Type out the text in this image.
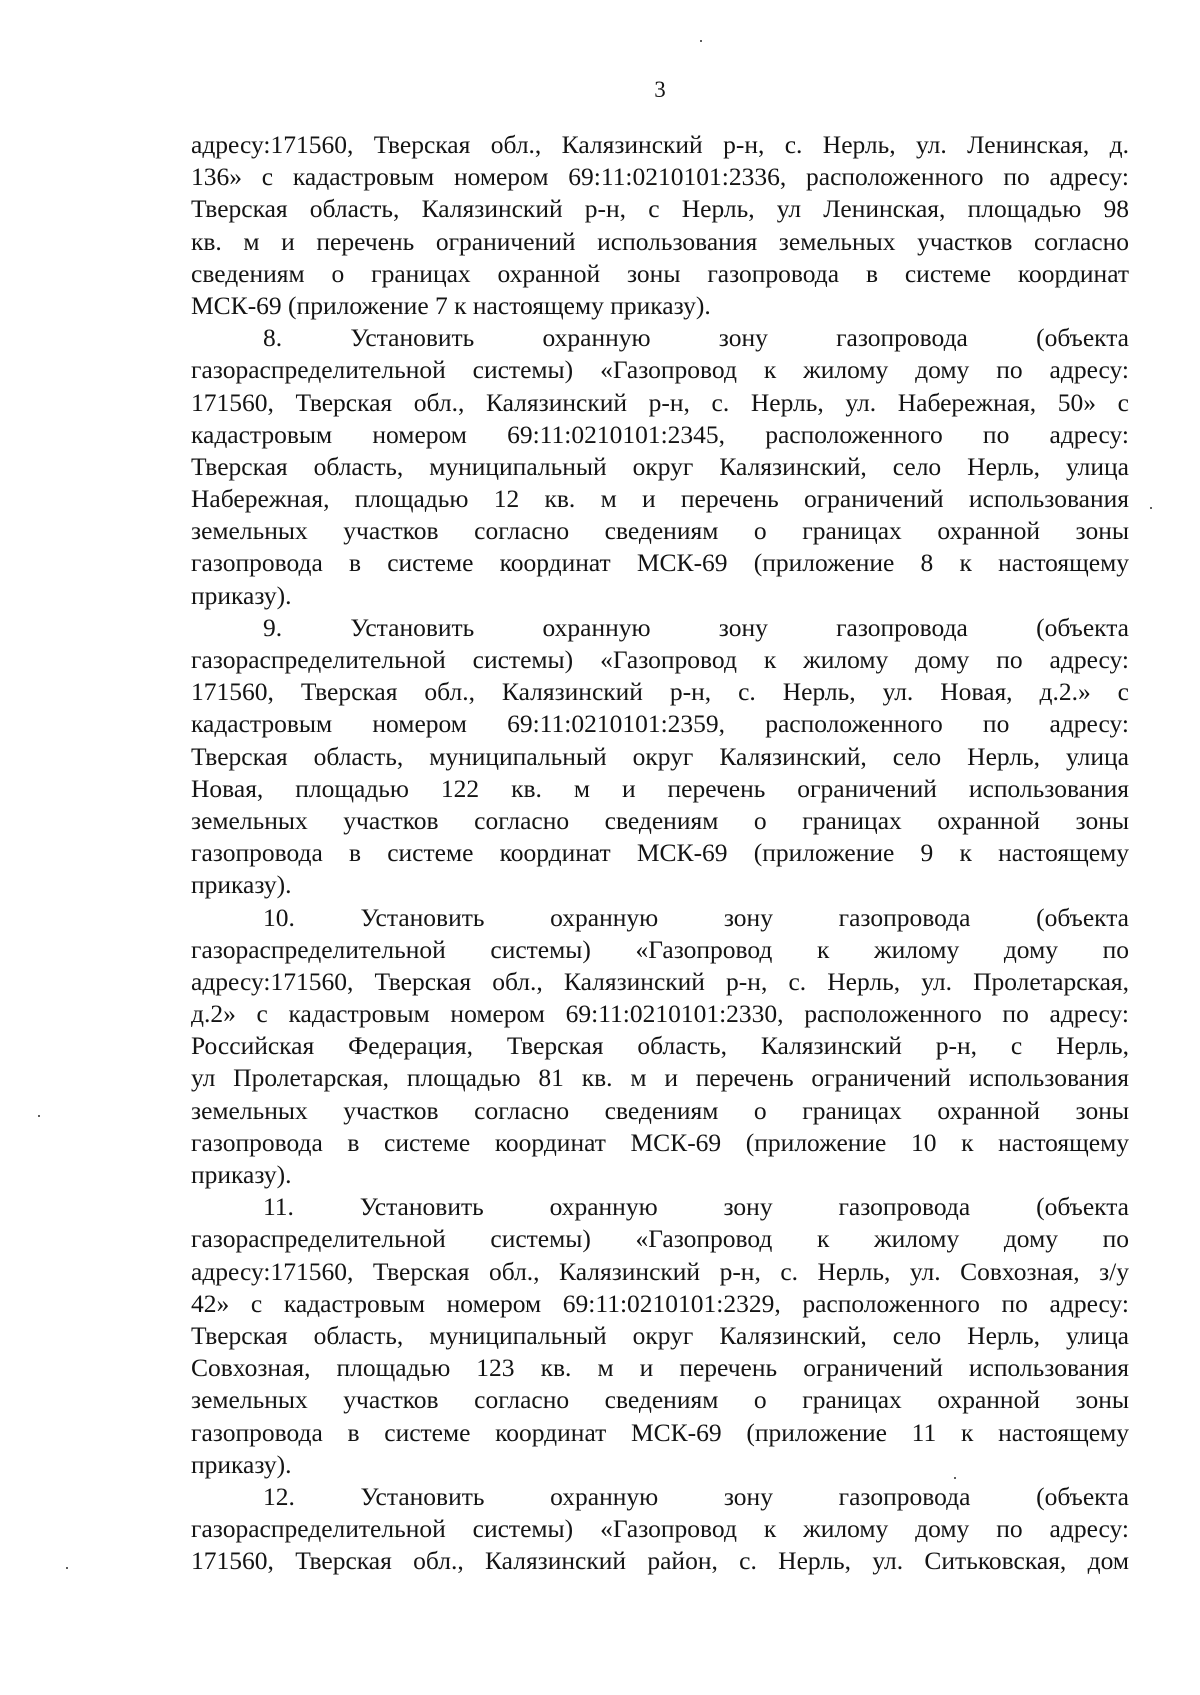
3
адресу:171560, Тверская обл., Калязинский р-н, с. Нерль, ул. Ленинская, д.
136» с кадастровым номером 69:11:0210101:2336, расположенного по адресу:
Тверская область, Калязинский р-н, с Нерль, ул Ленинская, площадью 98
кв. м и перечень ограничений использования земельных участков согласно
сведениям о границах охранной зоны газопровода в системе координат
МСК-69 (приложение 7 к настоящему приказу).
8. Установить охранную зону газопровода (объекта
газораспределительной системы) «Газопровод к жилому дому по адресу:
171560, Тверская обл., Калязинский р-н, с. Нерль, ул. Набережная, 50» с
кадастровым номером 69:11:0210101:2345, расположенного по адресу:
Тверская область, муниципальный округ Калязинский, село Нерль, улица
Набережная, площадью 12 кв. м и перечень ограничений использования
земельных участков согласно сведениям о границах охранной зоны
газопровода в системе координат МСК-69 (приложение 8 к настоящему
приказу).
9. Установить охранную зону газопровода (объекта
газораспределительной системы) «Газопровод к жилому дому по адресу:
171560, Тверская обл., Калязинский р-н, с. Нерль, ул. Новая, д.2.» с
кадастровым номером 69:11:0210101:2359, расположенного по адресу:
Тверская область, муниципальный округ Калязинский, село Нерль, улица
Новая, площадью 122 кв. м и перечень ограничений использования
земельных участков согласно сведениям о границах охранной зоны
газопровода в системе координат МСК-69 (приложение 9 к настоящему
приказу).
10. Установить охранную зону газопровода (объекта
газораспределительной системы) «Газопровод к жилому дому по
адресу:171560, Тверская обл., Калязинский р-н, с. Нерль, ул. Пролетарская,
д.2» с кадастровым номером 69:11:0210101:2330, расположенного по адресу:
Российская Федерация, Тверская область, Калязинский р-н, с Нерль,
ул Пролетарская, площадью 81 кв. м и перечень ограничений использования
земельных участков согласно сведениям о границах охранной зоны
газопровода в системе координат МСК-69 (приложение 10 к настоящему
приказу).
11. Установить охранную зону газопровода (объекта
газораспределительной системы) «Газопровод к жилому дому по
адресу:171560, Тверская обл., Калязинский р-н, с. Нерль, ул. Совхозная, з/у
42» с кадастровым номером 69:11:0210101:2329, расположенного по адресу:
Тверская область, муниципальный округ Калязинский, село Нерль, улица
Совхозная, площадью 123 кв. м и перечень ограничений использования
земельных участков согласно сведениям о границах охранной зоны
газопровода в системе координат МСК-69 (приложение 11 к настоящему
приказу).
12. Установить охранную зону газопровода (объекта
газораспределительной системы) «Газопровод к жилому дому по адресу:
171560, Тверская обл., Калязинский район, с. Нерль, ул. Ситьковская, дом
